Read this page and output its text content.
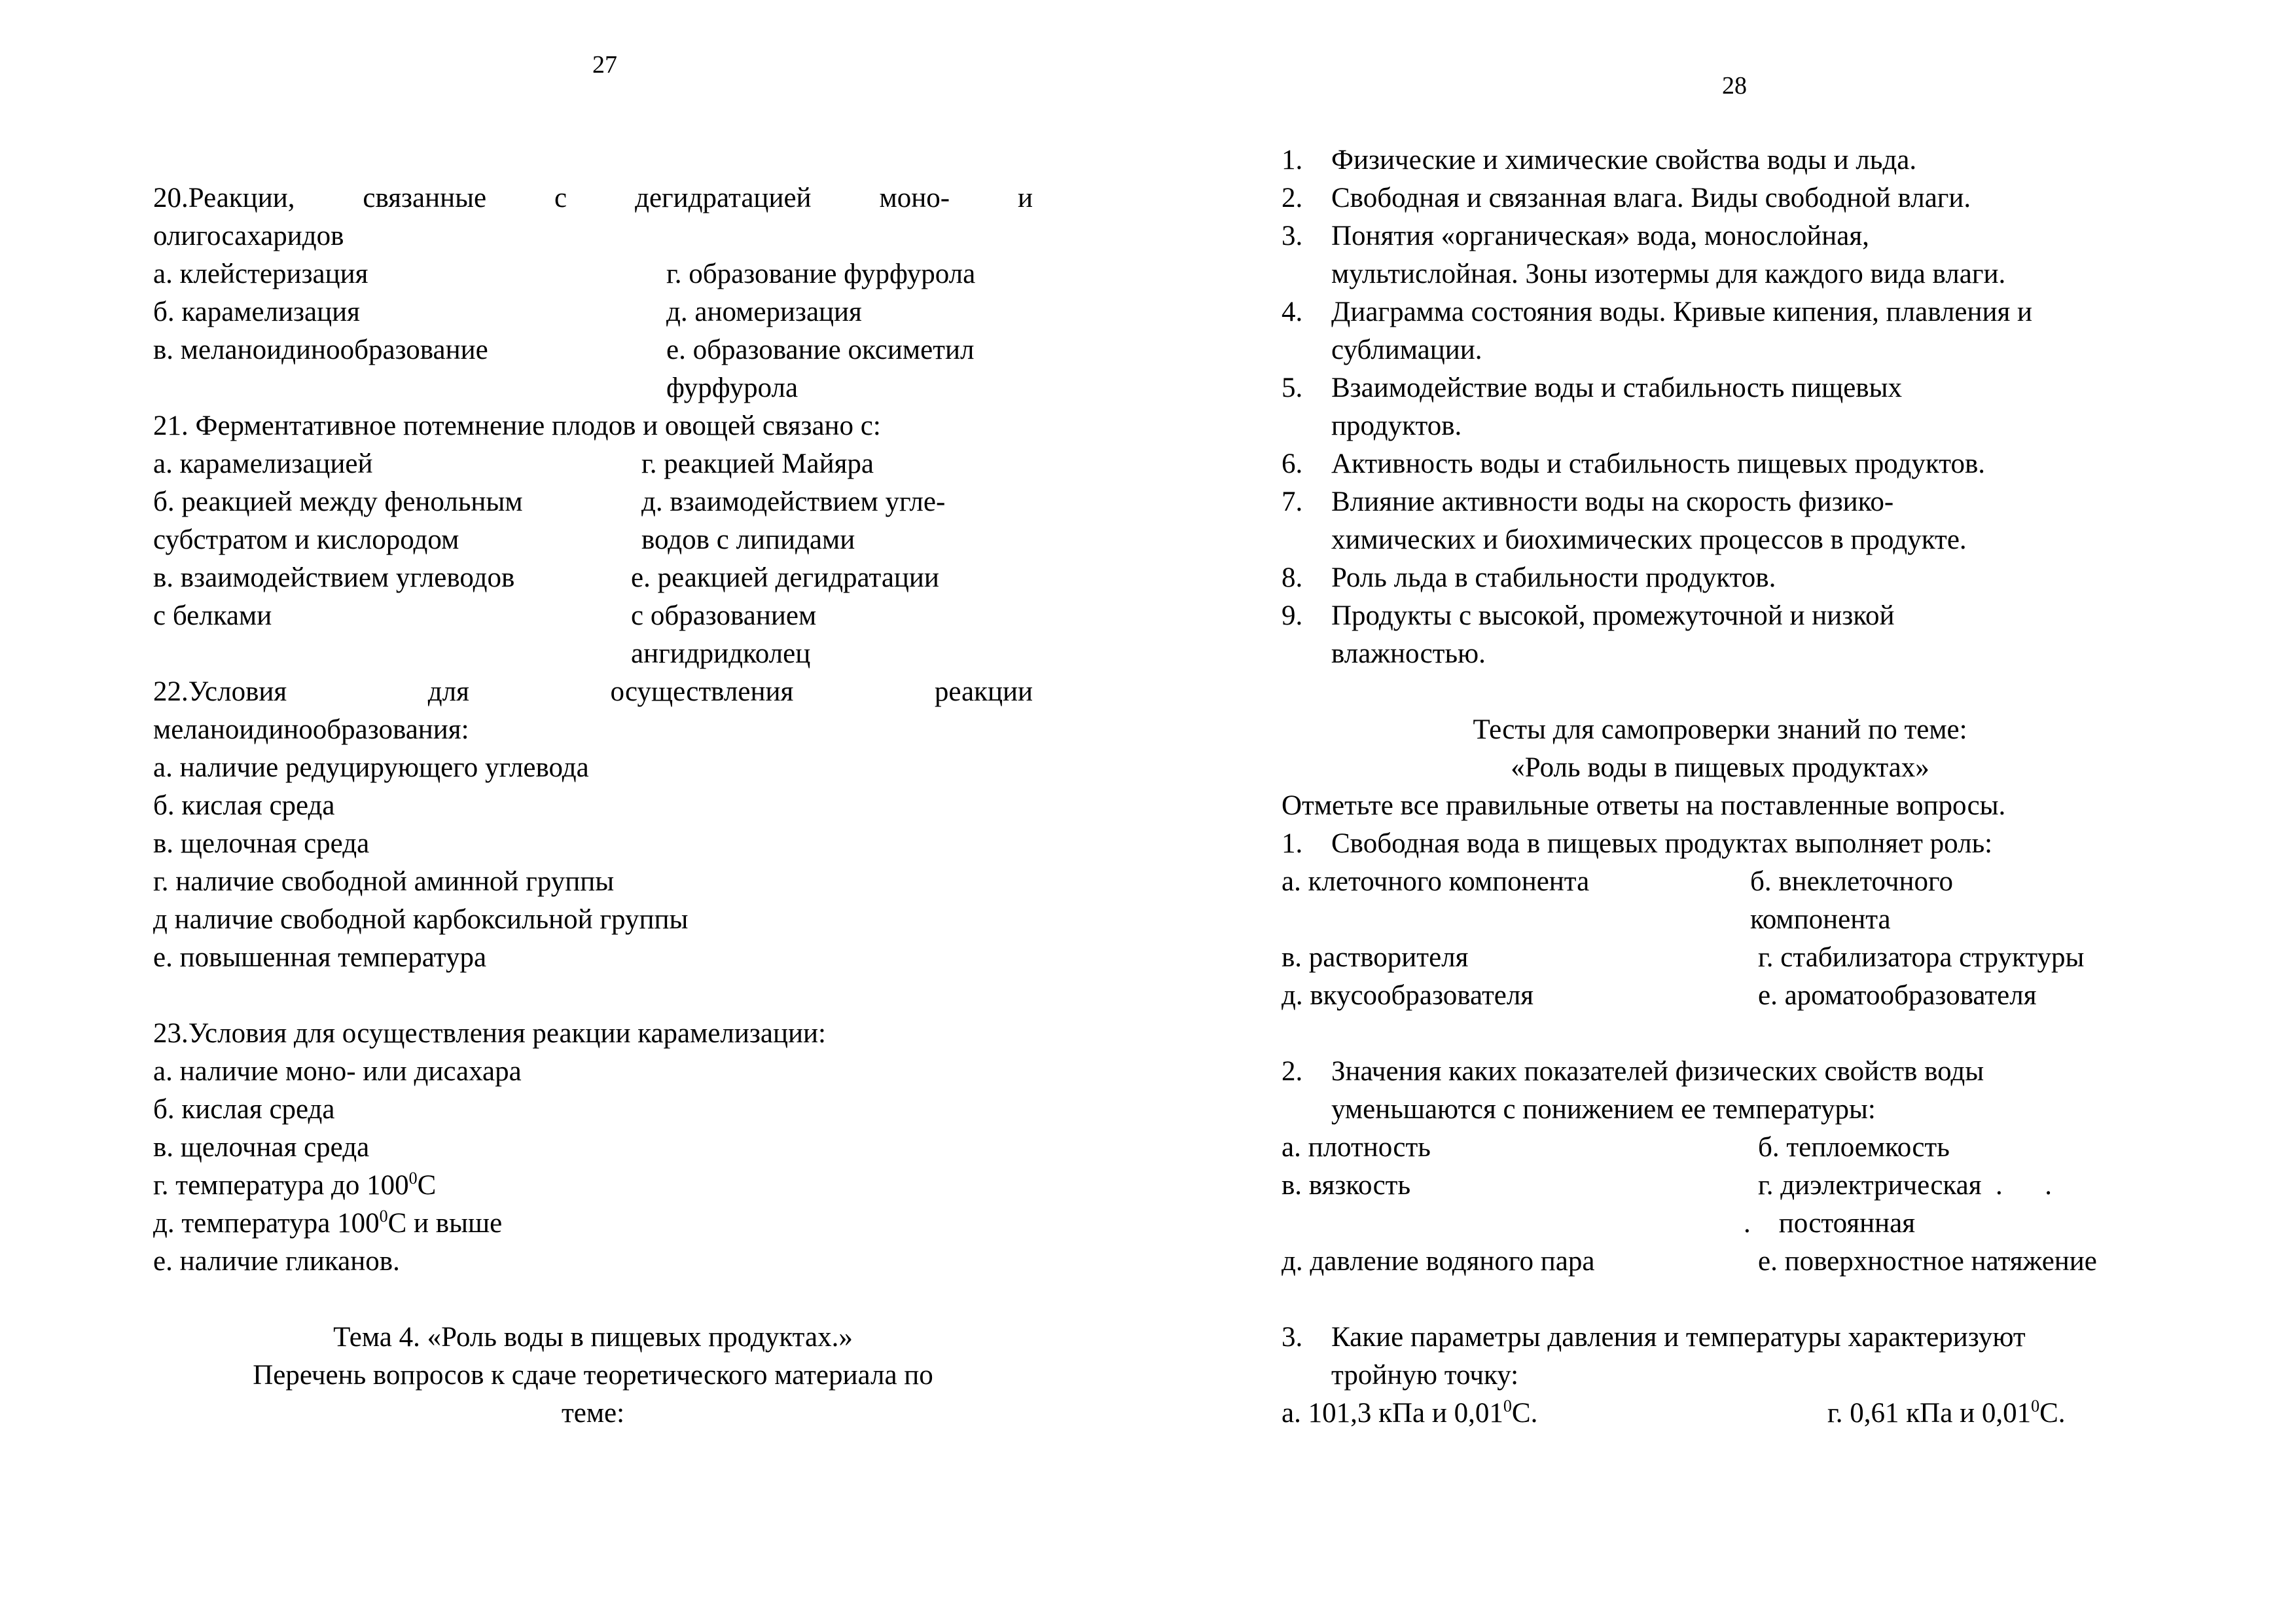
27
20.Реакции, связанные с дегидратацией моно- и
олигосахаридов
а. клейстеризация	г. образование фурфурола
б. карамелизация	д. аномеризация
в. меланоидинообразование	е. образование оксиметил
фурфурола
21. Ферментативное потемнение плодов и овощей связано с:
а. карамелизацией	г. реакцией Майяра
б. реакцией между фенольным	д. взаимодействием угле-
субстратом и кислородом	водов с липидами
в. взаимодействием углеводов	е. реакцией дегидратации
с белками	с образованием
ангидридколец
22.Условия	для	осуществления	реакции
меланоидинообразования:
а. наличие редуцирующего углевода
б. кислая среда
в. щелочная среда
г. наличие свободной аминной группы
д наличие свободной карбоксильной группы
е. повышенная температура
23.Условия для осуществления реакции карамелизации:
а. наличие моно- или дисахара
б. кислая среда
в. щелочная среда
г. температура до $100^0С$
д. температура $100^0С$ и выше
е. наличие гликанов.
Тема 4. «Роль воды в пищевых продуктах.»
Перечень вопросов к сдаче теоретического материала по
теме:
28
1. Физические и химические свойства воды и льда.
2. Свободная и связанная влага. Виды свободной влаги.
3. Понятия «органическая» вода, монослойная,
мультислойная. Зоны изотермы для каждого вида влаги.
4. Диаграмма состояния воды. Кривые кипения, плавления и
сублимации.
5. Взаимодействие воды и стабильность пищевых
продуктов.
6. Активность воды и стабильность пищевых продуктов.
7. Влияние активности воды на скорость физико-
химических и биохимических процессов в продукте.
8. Роль льда в стабильности продуктов.
9. Продукты с высокой, промежуточной и низкой
влажностью.
Тесты для самопроверки знаний по теме:
«Роль воды в пищевых продуктах»
Отметьте все правильные ответы на поставленные вопросы.
1. Свободная вода в пищевых продуктах выполняет роль:
а. клеточного компонента	б. внеклеточного
компонента
в. растворителя	г. стабилизатора структуры
д. вкусообразователя	е. ароматообразователя
2. Значения каких показателей физических свойств воды
уменьшаются с понижением ее температуры:
а. плотность	б. теплоемкость
в. вязкость	г. диэлектрическая  .      .
.    постоянная
д. давление водяного пара	е. поверхностное натяжение
3. Какие параметры давления и температуры характеризуют
тройную точку:
а. 101,3 кПа и 0,01$^0$С.	г. 0,61 кПа и 0,01$^0$С.
